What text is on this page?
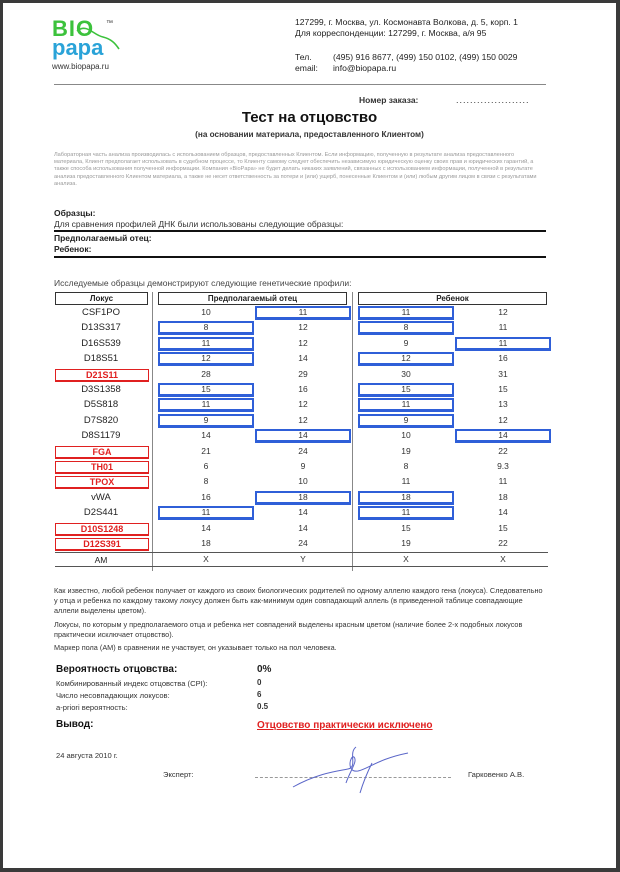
BIO
papa
™
www.biopapa.ru
127299, г. Москва, ул. Космонавта Волкова, д. 5, корп. 1
Для корреспонденции: 127299, г. Москва, а/я 95
Тел. (495) 916 8677, (499) 150 0102, (499) 150 0029
email: info@biopapa.ru
Номер заказа:	.....................
Тест на отцовство
(на основании материала, предоставленного Клиентом)
Лабораторная часть анализа производилась с использованием образцов, предоставленных Клиентом. Если информацию, полученную в результате анализа предоставленного материала, Клиент предполагает использовать в судебном процессе, то Клиенту самому следует обеспечить независимую юридическую оценку своих прав и юридических гарантий, а также способа использования полученной информации. Компания «BioPapa» не будет делать никаких заявлений, связанных с использованием информации, полученной в результате анализа предоставленного Клиентом материала, а также не несет ответственность за потери и (или) ущерб, понесенные Клиентом и (или) любым другим лицом в связи с результатами анализа.
Образцы:
Для сравнения профилей ДНК были использованы следующие образцы:
Предполагаемый отец:
Ребенок:
Исследуемые образцы демонстрируют следующие генетические профили:
Локус	Предполагаемый отец	Ребенок
Как известно, любой ребенок получает от каждого из своих биологических родителей по одному аллелю каждого гена (локуса). Следовательно у отца и ребенка по каждому такому локусу должен быть как-минимум один совпадающий аллель (в приведенной таблице совпадающие аллели выделены цветом).
Локусы, по которым у предполагаемого отца и ребенка нет совпадений выделены красным цветом (наличие более 2-х подобных локусов практически исключает отцовство).
Маркер пола (АМ) в сравнении не участвует, он указывает только на пол человека.
Вероятность отцовства:	0%
Комбинированный индекс отцовства (CPI):	0
Число несовпадающих локусов:	6
a-priori вероятность:	0.5
Вывод:	Отцовство практически исключено
24 августа 2010 г.
Эксперт:	Гарковенко А.В.
CSF1PO	10	11	11	12
D13S317	8	12	8	11
D16S539	11	12	9	11
D18S51	12	14	12	16
D21S11	28	29	30	31
D3S1358	15	16	15	15
D5S818	11	12	11	13
D7S820	9	12	9	12
D8S1179	14	14	10	14
FGA	21	24	19	22
TH01	6	9	8	9.3
TPOX	8	10	11	11
vWA	16	18	18	18
D2S441	11	14	11	14
D10S1248	14	14	15	15
D12S391	18	24	19	22
AM	X	Y	X	X
